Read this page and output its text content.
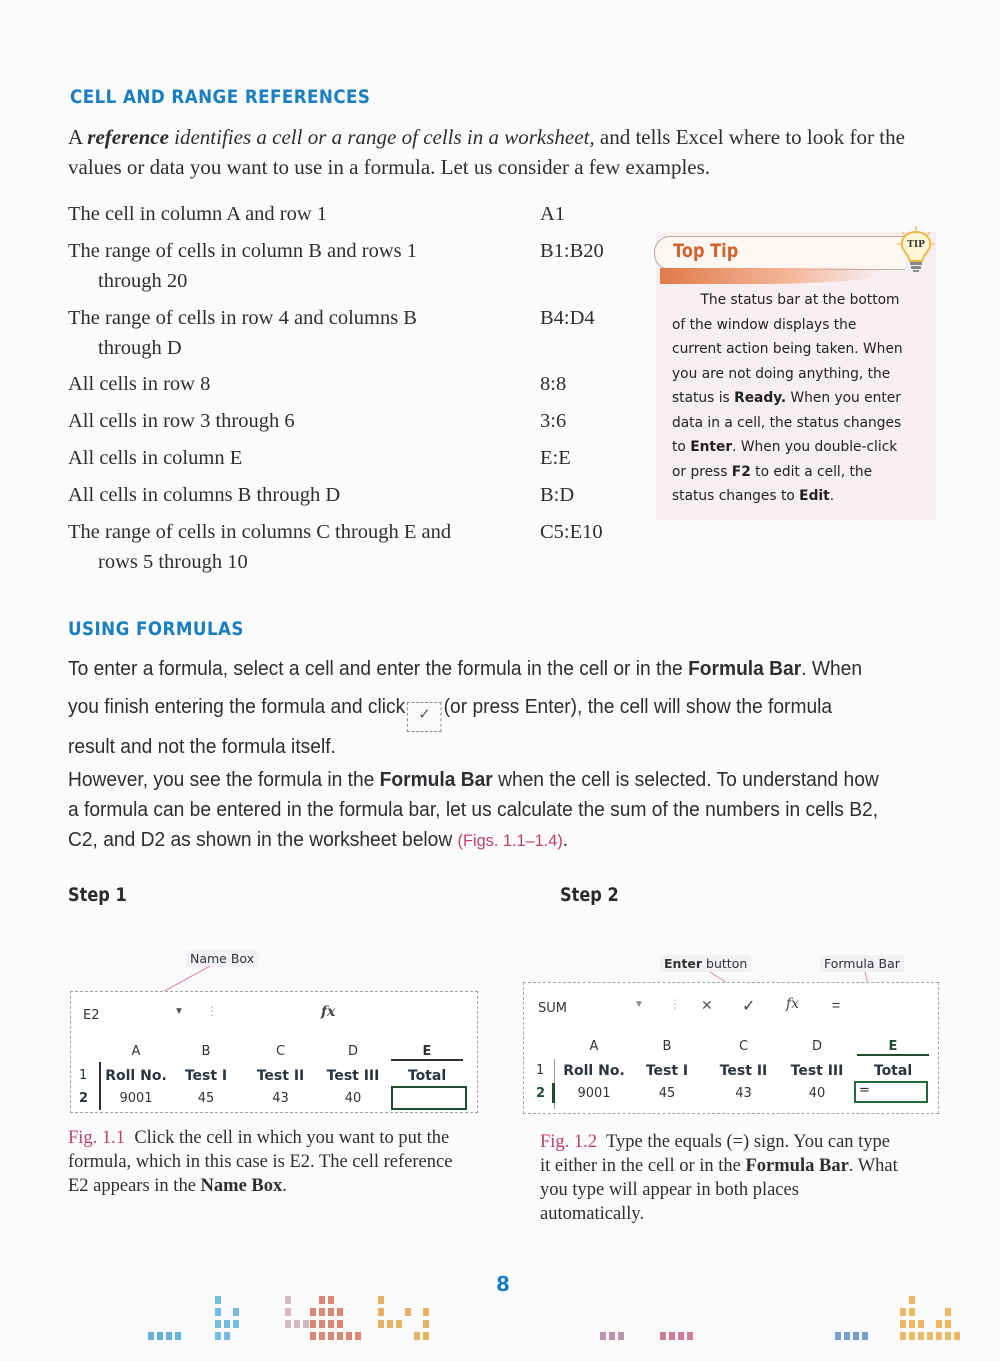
CELL AND RANGE REFERENCES
A reference identifies a cell or a range of cells in a worksheet, and tells Excel where to look for the values or data you want to use in a formula. Let us consider a few examples.
The cell in column A and row 1	A1
The range of cells in column B and rows 1
through 20
B1:B20
The range of cells in row 4 and columns B
through D
B4:D4
All cells in row 8	8:8
All cells in row 3 through 6	3:6
All cells in column E	E:E
All cells in columns B through D	B:D
The range of cells in columns C through E and
rows 5 through 10
C5:E10
Top Tip	TIP
The status bar at the bottom of the window displays the current action being taken. When you are not doing anything, the status is Ready. When you enter data in a cell, the status changes to Enter. When you double-click or press F2 to edit a cell, the status changes to Edit.
USING FORMULAS
To enter a formula, select a cell and enter the formula in the cell or in the Formula Bar. When
you finish entering the formula and click ✓ (or press Enter), the cell will show the formula
result and not the formula itself.
However, you see the formula in the Formula Bar when the cell is selected. To understand how
a formula can be entered in the formula bar, let us calculate the sum of the numbers in cells B2,
C2, and D2 as shown in the worksheet below (Figs. 1.1–1.4).
Step 1
Name Box
E2	▼ ⋮	fx
A	B	C	D	E
1	Roll No.	Test I	Test II	Test III	Total
2	9001	45	43	40
Fig. 1.1 Click the cell in which you want to put the formula, which in this case is E2. The cell reference E2 appears in the Name Box.
Step 2
Enter button	Formula Bar
SUM	▼ ⋮ ✕ ✓ fx =
A	B	C	D	E
1	Roll No.	Test I	Test II	Test III	Total
2	9001	45	43	40	=
Fig. 1.2 Type the equals (=) sign. You can type it either in the cell or in the Formula Bar. What you type will appear in both places automatically.
8
